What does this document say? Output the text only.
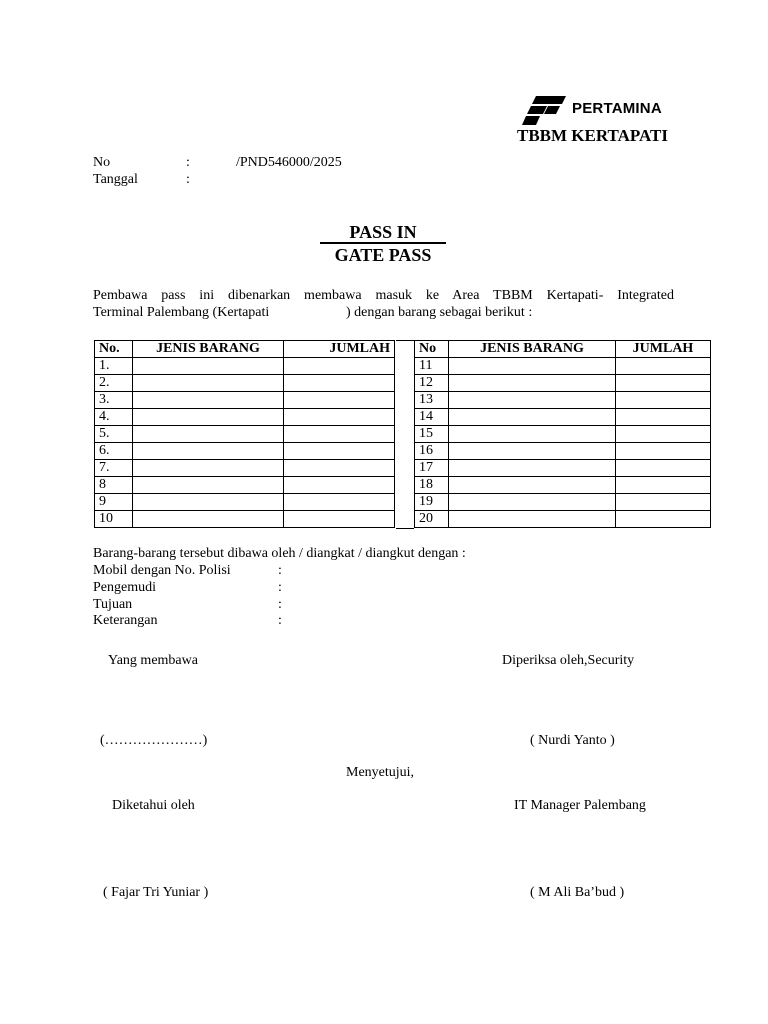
PERTAMINA
TBBM KERTAPATI
No	:	/PND546000/2025
Tanggal	:
PASS IN
GATE PASS
Pembawa pass ini dibenarkan membawa masuk ke Area TBBM Kertapati- Integrated
Terminal Palembang (Kertapati	) dengan barang sebagai berikut :
No.	JENIS BARANG	JUMLAH
1.		
2.		
3.		
4.		
5.		
6.		
7.		
8		
9		
10		
No	JENIS BARANG	JUMLAH
11		
12		
13		
14		
15		
16		
17		
18		
19		
20		
Barang-barang tersebut dibawa oleh / diangkat / diangkut dengan :
Mobil dengan No. Polisi	:
Pengemudi	:
Tujuan	:
Keterangan	:
Yang membawa	Diperiksa oleh,Security
(…………………)	( Nurdi Yanto )
Menyetujui,
Diketahui oleh	IT Manager Palembang
( Fajar Tri Yuniar )	( M Ali Ba’bud )
